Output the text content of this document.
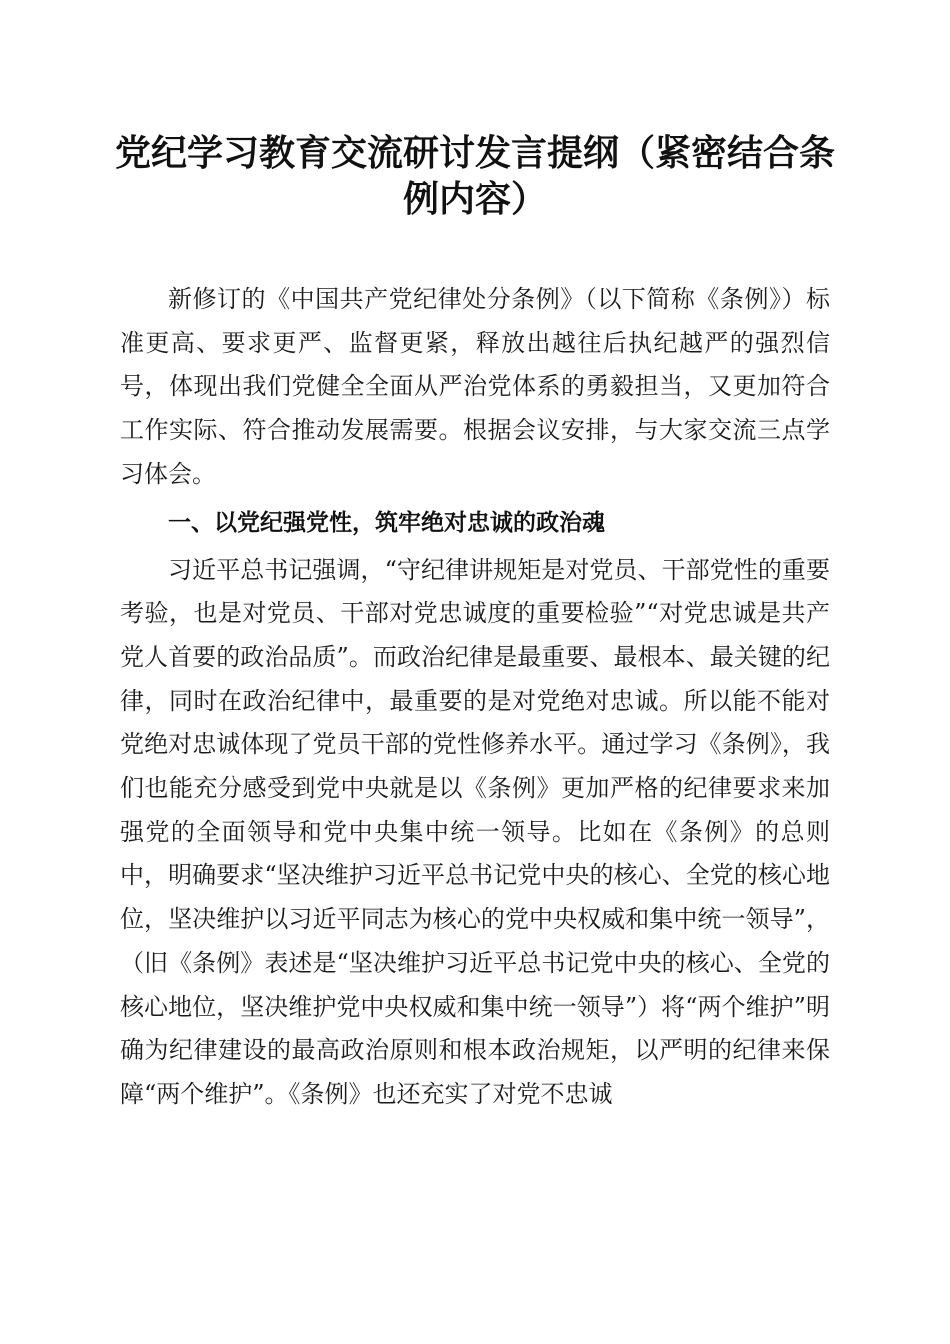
党纪学习教育交流研讨发言提纲（紧密结合条例内容）

新修订的《中国共产党纪律处分条例》（以下简称《条例》）标准更高、要求更严、监督更紧，释放出越往后执纪越严的强烈信号，体现出我们党健全全面从严治党体系的勇毅担当，又更加符合工作实际、符合推动发展需要。根据会议安排，与大家交流三点学习体会。

一、以党纪强党性，筑牢绝对忠诚的政治魂

习近平总书记强调，“守纪律讲规矩是对党员、干部党性的重要考验，也是对党员、干部对党忠诚度的重要检验”“对党忠诚是共产党人首要的政治品质”。而政治纪律是最重要、最根本、最关键的纪律，同时在政治纪律中，最重要的是对党绝对忠诚。所以能不能对党绝对忠诚体现了党员干部的党性修养水平。通过学习《条例》，我们也能充分感受到党中央就是以《条例》更加严格的纪律要求来加强党的全面领导和党中央集中统一领导。比如在《条例》的总则中，明确要求“坚决维护习近平总书记党中央的核心、全党的核心地位，坚决维护以习近平同志为核心的党中央权威和集中统一领导”，（旧《条例》表述是“坚决维护习近平总书记党中央的核心、全党的核心地位，坚决维护党中央权威和集中统一领导”）将“两个维护”明确为纪律建设的最高政治原则和根本政治规矩，以严明的纪律来保障“两个维护”。《条例》也还充实了对党不忠诚
